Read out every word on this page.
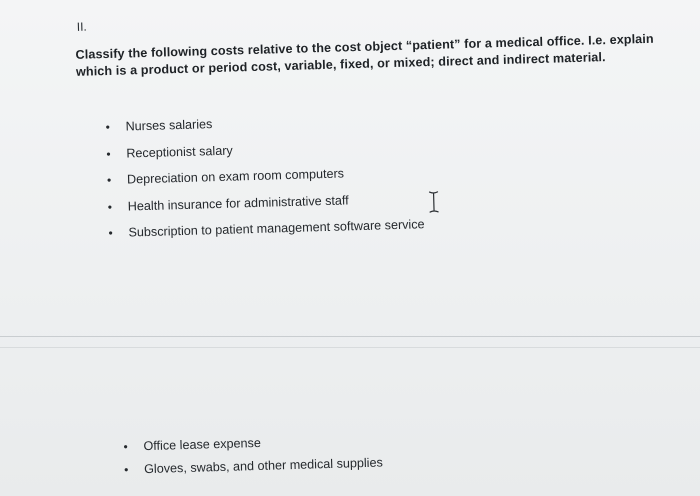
II.
Classify the following costs relative to the cost object “patient” for a medical office. I.e. explain which is a product or period cost, variable, fixed, or mixed; direct and indirect material.
• Nurses salaries
• Receptionist salary
• Depreciation on exam room computers
• Health insurance for administrative staff
• Subscription to patient management software service
• Office lease expense
• Gloves, swabs, and other medical supplies
